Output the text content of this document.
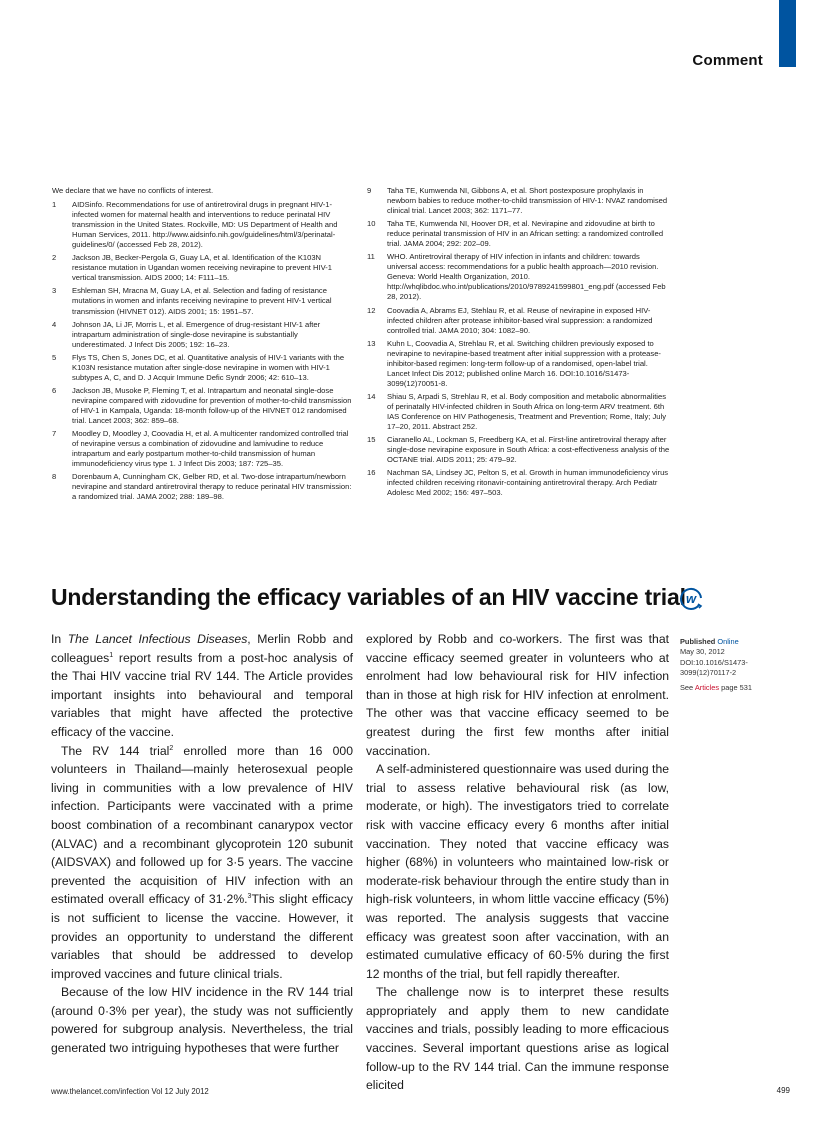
Comment

We declare that we have no conflicts of interest.

1	AIDSinfo. Recommendations for use of antiretroviral drugs in pregnant HIV-1-infected women for maternal health and interventions to reduce perinatal HIV transmission in the United States. Rockville, MD: US Department of Health and Human Services, 2011. http://www.aidsinfo.nih.gov/guidelines/html/3/perinatal-guidelines/0/ (accessed Feb 28, 2012).
2	Jackson JB, Becker-Pergola G, Guay LA, et al. Identification of the K103N resistance mutation in Ugandan women receiving nevirapine to prevent HIV-1 vertical transmission. AIDS 2000; 14: F111–15.
3	Eshleman SH, Mracna M, Guay LA, et al. Selection and fading of resistance mutations in women and infants receiving nevirapine to prevent HIV-1 vertical transmission (HIVNET 012). AIDS 2001; 15: 1951–57.
4	Johnson JA, Li JF, Morris L, et al. Emergence of drug-resistant HIV-1 after intrapartum administration of single-dose nevirapine is substantially underestimated. J Infect Dis 2005; 192: 16–23.
5	Flys TS, Chen S, Jones DC, et al. Quantitative analysis of HIV-1 variants with the K103N resistance mutation after single-dose nevirapine in women with HIV-1 subtypes A, C, and D. J Acquir Immune Defic Syndr 2006; 42: 610–13.
6	Jackson JB, Musoke P, Fleming T, et al. Intrapartum and neonatal single-dose nevirapine compared with zidovudine for prevention of mother-to-child transmission of HIV-1 in Kampala, Uganda: 18-month follow-up of the HIVNET 012 randomised trial. Lancet 2003; 362: 859–68.
7	Moodley D, Moodley J, Coovadia H, et al. A multicenter randomized controlled trial of nevirapine versus a combination of zidovudine and lamivudine to reduce intrapartum and early postpartum mother-to-child transmission of human immunodeficiency virus type 1. J Infect Dis 2003; 187: 725–35.
8	Dorenbaum A, Cunningham CK, Gelber RD, et al. Two-dose intrapartum/newborn nevirapine and standard antiretroviral therapy to reduce perinatal HIV transmission: a randomized trial. JAMA 2002; 288: 189–98.
9	Taha TE, Kumwenda NI, Gibbons A, et al. Short postexposure prophylaxis in newborn babies to reduce mother-to-child transmission of HIV-1: NVAZ randomised clinical trial. Lancet 2003; 362: 1171–77.
10	Taha TE, Kumwenda NI, Hoover DR, et al. Nevirapine and zidovudine at birth to reduce perinatal transmission of HIV in an African setting: a randomized controlled trial. JAMA 2004; 292: 202–09.
11	WHO. Antiretroviral therapy of HIV infection in infants and children: towards universal access: recommendations for a public health approach—2010 revision. Geneva: World Health Organization, 2010. http://whqlibdoc.who.int/publications/2010/9789241599801_eng.pdf (accessed Feb 28, 2012).
12	Coovadia A, Abrams EJ, Stehlau R, et al. Reuse of nevirapine in exposed HIV-infected children after protease inhibitor-based viral suppression: a randomized controlled trial. JAMA 2010; 304: 1082–90.
13	Kuhn L, Coovadia A, Strehlau R, et al. Switching children previously exposed to nevirapine to nevirapine-based treatment after initial suppression with a protease-inhibitor-based regimen: long-term follow-up of a randomised, open-label trial. Lancet Infect Dis 2012; published online March 16. DOI:10.1016/S1473-3099(12)70051-8.
14	Shiau S, Arpadi S, Strehlau R, et al. Body composition and metabolic abnormalities of perinatally HIV-infected children in South Africa on long-term ARV treatment. 6th IAS Conference on HIV Pathogenesis, Treatment and Prevention; Rome, Italy; July 17–20, 2011. Abstract 252.
15	Ciaranello AL, Lockman S, Freedberg KA, et al. First-line antiretroviral therapy after single-dose nevirapine exposure in South Africa: a cost-effectiveness analysis of the OCTANE trial. AIDS 2011; 25: 479–92.
16	Nachman SA, Lindsey JC, Pelton S, et al. Growth in human immunodeficiency virus infected children receiving ritonavir-containing antiretroviral therapy. Arch Pediatr Adolesc Med 2002; 156: 497–503.
Understanding the efficacy variables of an HIV vaccine trial w

In The Lancet Infectious Diseases, Merlin Robb and colleagues$^1$ report results from a post-hoc analysis of the Thai HIV vaccine trial RV 144. The Article provides important insights into behavioural and temporal variables that might have affected the protective efficacy of the vaccine.

The RV 144 trial$^2$ enrolled more than 16 000 volunteers in Thailand—mainly heterosexual people living in communities with a low prevalence of HIV infection. Participants were vaccinated with a prime boost combination of a recombinant canarypox vector (ALVAC) and a recombinant glycoprotein 120 subunit (AIDSVAX) and followed up for 3·5 years. The vaccine prevented the acquisition of HIV infection with an estimated overall efficacy of 31·2%.$^3$This slight efficacy is not sufficient to license the vaccine. However, it provides an opportunity to understand the different variables that should be addressed to develop improved vaccines and future clinical trials.

Because of the low HIV incidence in the RV 144 trial (around 0·3% per year), the study was not sufficiently powered for subgroup analysis. Nevertheless, the trial generated two intriguing hypotheses that were further

explored by Robb and co-workers. The first was that vaccine efficacy seemed greater in volunteers who at enrolment had low behavioural risk for HIV infection than in those at high risk for HIV infection at enrolment. The other was that vaccine efficacy seemed to be greatest during the first few months after initial vaccination.

A self-administered questionnaire was used during the trial to assess relative behavioural risk (as low, moderate, or high). The investigators tried to correlate risk with vaccine efficacy every 6 months after initial vaccination. They noted that vaccine efficacy was higher (68%) in volunteers who maintained low-risk or moderate-risk behaviour through the entire study than in high-risk volunteers, in whom little vaccine efficacy (5%) was reported. The analysis suggests that vaccine efficacy was greatest soon after vaccination, with an estimated cumulative efficacy of 60·5% during the first 12 months of the trial, but fell rapidly thereafter.

The challenge now is to interpret these results appropriately and apply them to new candidate vaccines and trials, possibly leading to more efficacious vaccines. Several important questions arise as logical follow-up to the RV 144 trial. Can the immune response elicited

Published Online
May 30, 2012
DOI:10.1016/S1473-
3099(12)70117-2
See Articles page 531
www.thelancet.com/infection Vol 12 July 2012	499
